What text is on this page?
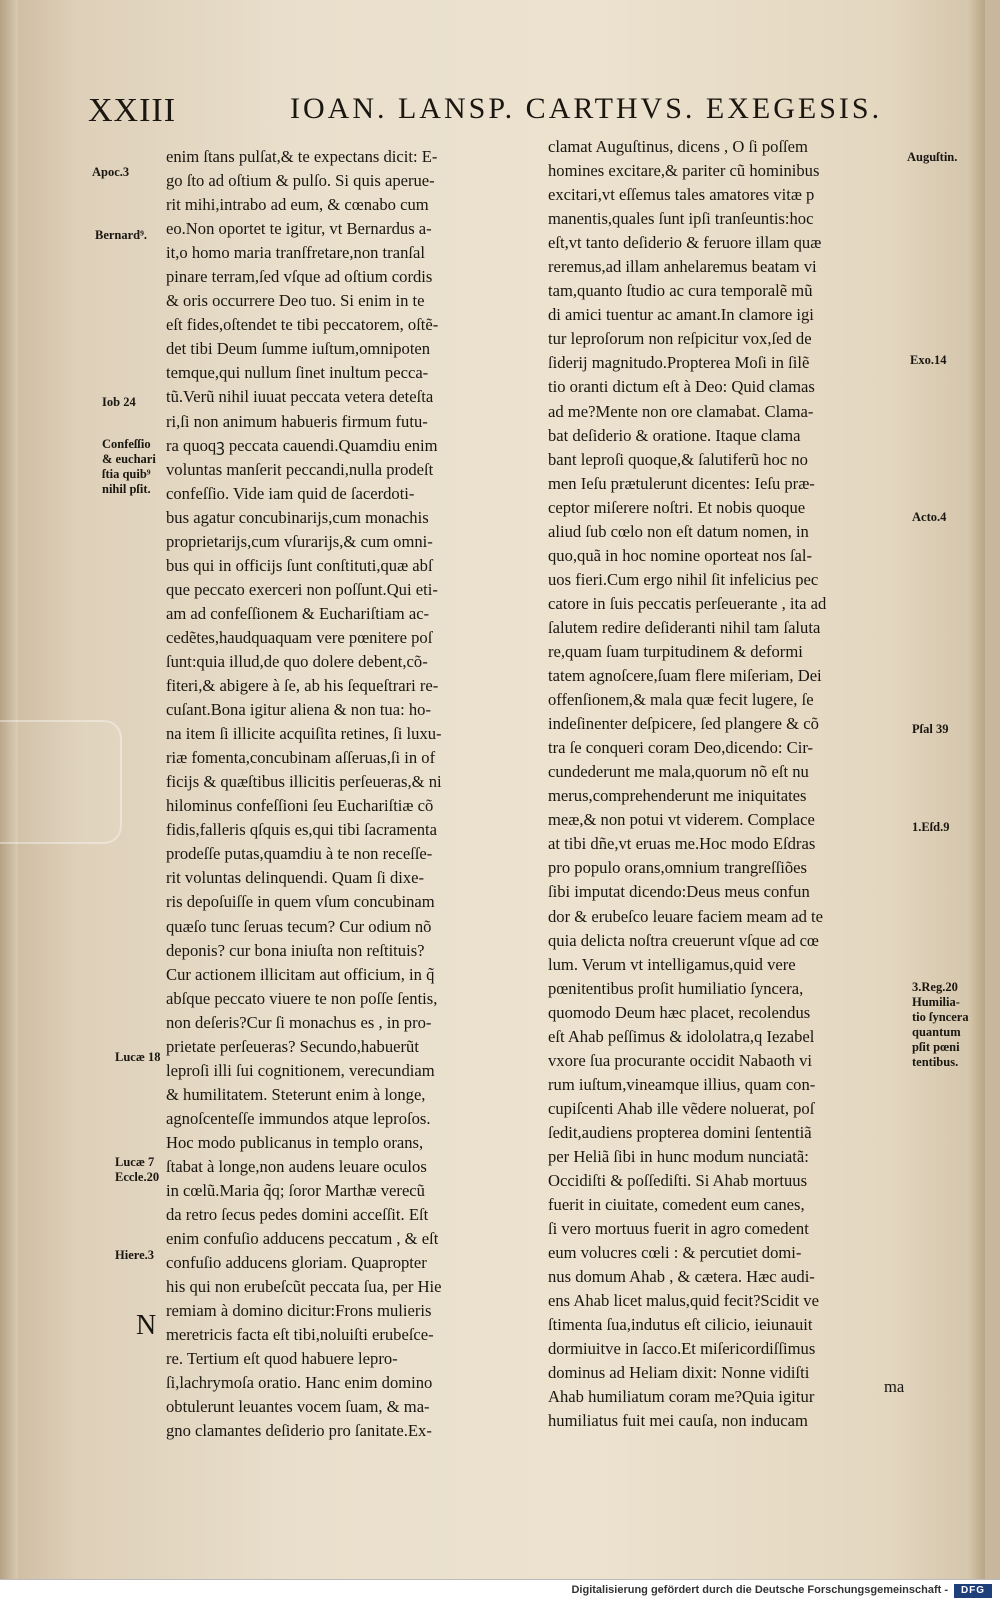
XXIII	IOAN. LANSP. CARTHVS. EXEGESIS.
enim ſtans pulſat,& te expectans dicit: E-
go ſto ad oſtium & pulſo. Si quis aperue-
rit mihi,intrabo ad eum, & cœnabo cum
eo.Non oportet te igitur, vt Bernardus a-
it,o homo maria tranſfretare,non tranſal
pinare terram,ſed vſque ad oſtium cordis
& oris occurrere Deo tuo. Si enim in te
eſt fides,oſtendet te tibi peccatorem, oſtẽ-
det tibi Deum ſumme iuſtum,omnipoten
temque,qui nullum ſinet inultum pecca-
tũ.Verũ nihil iuuat peccata vetera deteſta
ri,ſi non animum habueris firmum futu-
ra quoqꝫ peccata cauendi.Quamdiu enim
voluntas manſerit peccandi,nulla prodeſt
confeſſio. Vide iam quid de ſacerdoti-
bus agatur concubinarijs,cum monachis
proprietarijs,cum vſurarijs,& cum omni-
bus qui in officijs ſunt conſtituti,quæ abſ
que peccato exerceri non poſſunt.Qui eti-
am ad confeſſionem & Euchariſtiam ac-
cedẽtes,haudquaquam vere pœnitere poſ
ſunt:quia illud,de quo dolere debent,cõ-
fiteri,& abigere à ſe, ab his ſequeſtrari re-
cuſant.Bona igitur aliena & non tua: ho-
na item ſi illicite acquiſita retines, ſi luxu-
riæ fomenta,concubinam aſſeruas,ſi in of
ficijs & quæſtibus illicitis perſeueras,& ni
hilominus confeſſioni ſeu Euchariſtiæ cõ
fidis,falleris qſquis es,qui tibi ſacramenta
prodeſſe putas,quamdiu à te non receſſe-
rit voluntas delinquendi. Quam ſi dixe-
ris depoſuiſſe in quem vſum concubinam
quæſo tunc ſeruas tecum? Cur odium nõ
deponis? cur bona iniuſta non reſtituis?
Cur actionem illicitam aut officium, in q̃
abſque peccato viuere te non poſſe ſentis,
non deſeris?Cur ſi monachus es , in pro-
prietate perſeueras? Secundo,habuerũt
leproſi illi ſui cognitionem, verecundiam
& humilitatem. Steterunt enim à longe,
agnoſcenteſſe immundos atque leproſos.
Hoc modo publicanus in templo orans,
ſtabat à longe,non audens leuare oculos
in cœlũ.Maria q̃q; ſoror Marthæ verecũ
da retro ſecus pedes domini acceſſit. Eſt
enim confuſio adducens peccatum , & eſt
confuſio adducens gloriam. Quapropter
his qui non erubeſcũt peccata ſua, per Hie
remiam à domino dicitur:Frons mulieris
meretricis facta eſt tibi,noluiſti erubeſce-
re. Tertium eſt quod habuere lepro-
ſi,lachrymoſa oratio. Hanc enim domino
obtulerunt leuantes vocem ſuam, & ma-
gno clamantes deſiderio pro ſanitate.Ex-
clamat Auguſtinus, dicens , O ſi poſſem
homines excitare,& pariter cũ hominibus
excitari,vt eſſemus tales amatores vitæ p
manentis,quales ſunt ipſi tranſeuntis:hoc
eſt,vt tanto deſiderio & feruore illam quæ
reremus,ad illam anhelaremus beatam vi
tam,quanto ſtudio ac cura temporalẽ mũ
di amici tuentur ac amant.In clamore igi
tur leproſorum non reſpicitur vox,ſed de
ſiderij magnitudo.Propterea Moſi in ſilẽ
tio oranti dictum eſt à Deo: Quid clamas
ad me?Mente non ore clamabat. Clama-
bat deſiderio & oratione. Itaque clama
bant leproſi quoque,& ſalutiferũ hoc no
men Ieſu prætulerunt dicentes: Ieſu præ-
ceptor miſerere noſtri. Et nobis quoque
aliud ſub cœlo non eſt datum nomen, in
quo,quã in hoc nomine oporteat nos ſal-
uos fieri.Cum ergo nihil ſit infelicius pec
catore in ſuis peccatis perſeuerante , ita ad
ſalutem redire deſideranti nihil tam ſaluta
re,quam ſuam turpitudinem & deformi
tatem agnoſcere,ſuam flere miſeriam, Dei
offenſionem,& mala quæ fecit lugere, ſe
indeſinenter deſpicere, ſed plangere & cõ
tra ſe conqueri coram Deo,dicendo: Cir-
cundederunt me mala,quorum nõ eſt nu
merus,comprehenderunt me iniquitates
meæ,& non potui vt viderem. Complace
at tibi dñe,vt eruas me.Hoc modo Eſdras
pro populo orans,omnium trangreſſiões
ſibi imputat dicendo:Deus meus confun
dor & erubeſco leuare faciem meam ad te
quia delicta noſtra creuerunt vſque ad cœ
lum. Verum vt intelligamus,quid vere
pœnitentibus proſit humiliatio ſyncera,
quomodo Deum hæc placet, recolendus
eſt Ahab peſſimus & idololatra,q Iezabel
vxore ſua procurante occidit Nabaoth vi
rum iuſtum,vineamque illius, quam con-
cupiſcenti Ahab ille vẽdere noluerat, poſ
ſedit,audiens propterea domini ſententiã
per Heliã ſibi in hunc modum nunciatã:
Occidiſti & poſſediſti. Si Ahab mortuus
fuerit in ciuitate, comedent eum canes,
ſi vero mortuus fuerit in agro comedent
eum volucres cœli : & percutiet domi-
nus domum Ahab , & cætera. Hæc audi-
ens Ahab licet malus,quid fecit?Scidit ve
ſtimenta ſua,indutus eſt cilicio, ieiunauit
dormiuitve in ſacco.Et miſericordiſſimus
dominus ad Heliam dixit: Nonne vidiſti
Ahab humiliatum coram me?Quia igitur
humiliatus fuit mei cauſa, non inducam
Apoc.3
Bernard⁹.
Iob 24
Confeſſio
& euchari
ſtia quib⁹
nihil pſit.
Lucæ 18
Lucæ 7
Eccle.20
Hiere.3
Auguſtin.
Exo.14
Acto.4
Pſal 39
1.Eſd.9
3.Reg.20
Humilia-
tio ſyncera
quantum
pſit pœni
tentibus.
N
ma
Digitalisierung gefördert durch die Deutsche Forschungsgemeinschaft -	DFG
